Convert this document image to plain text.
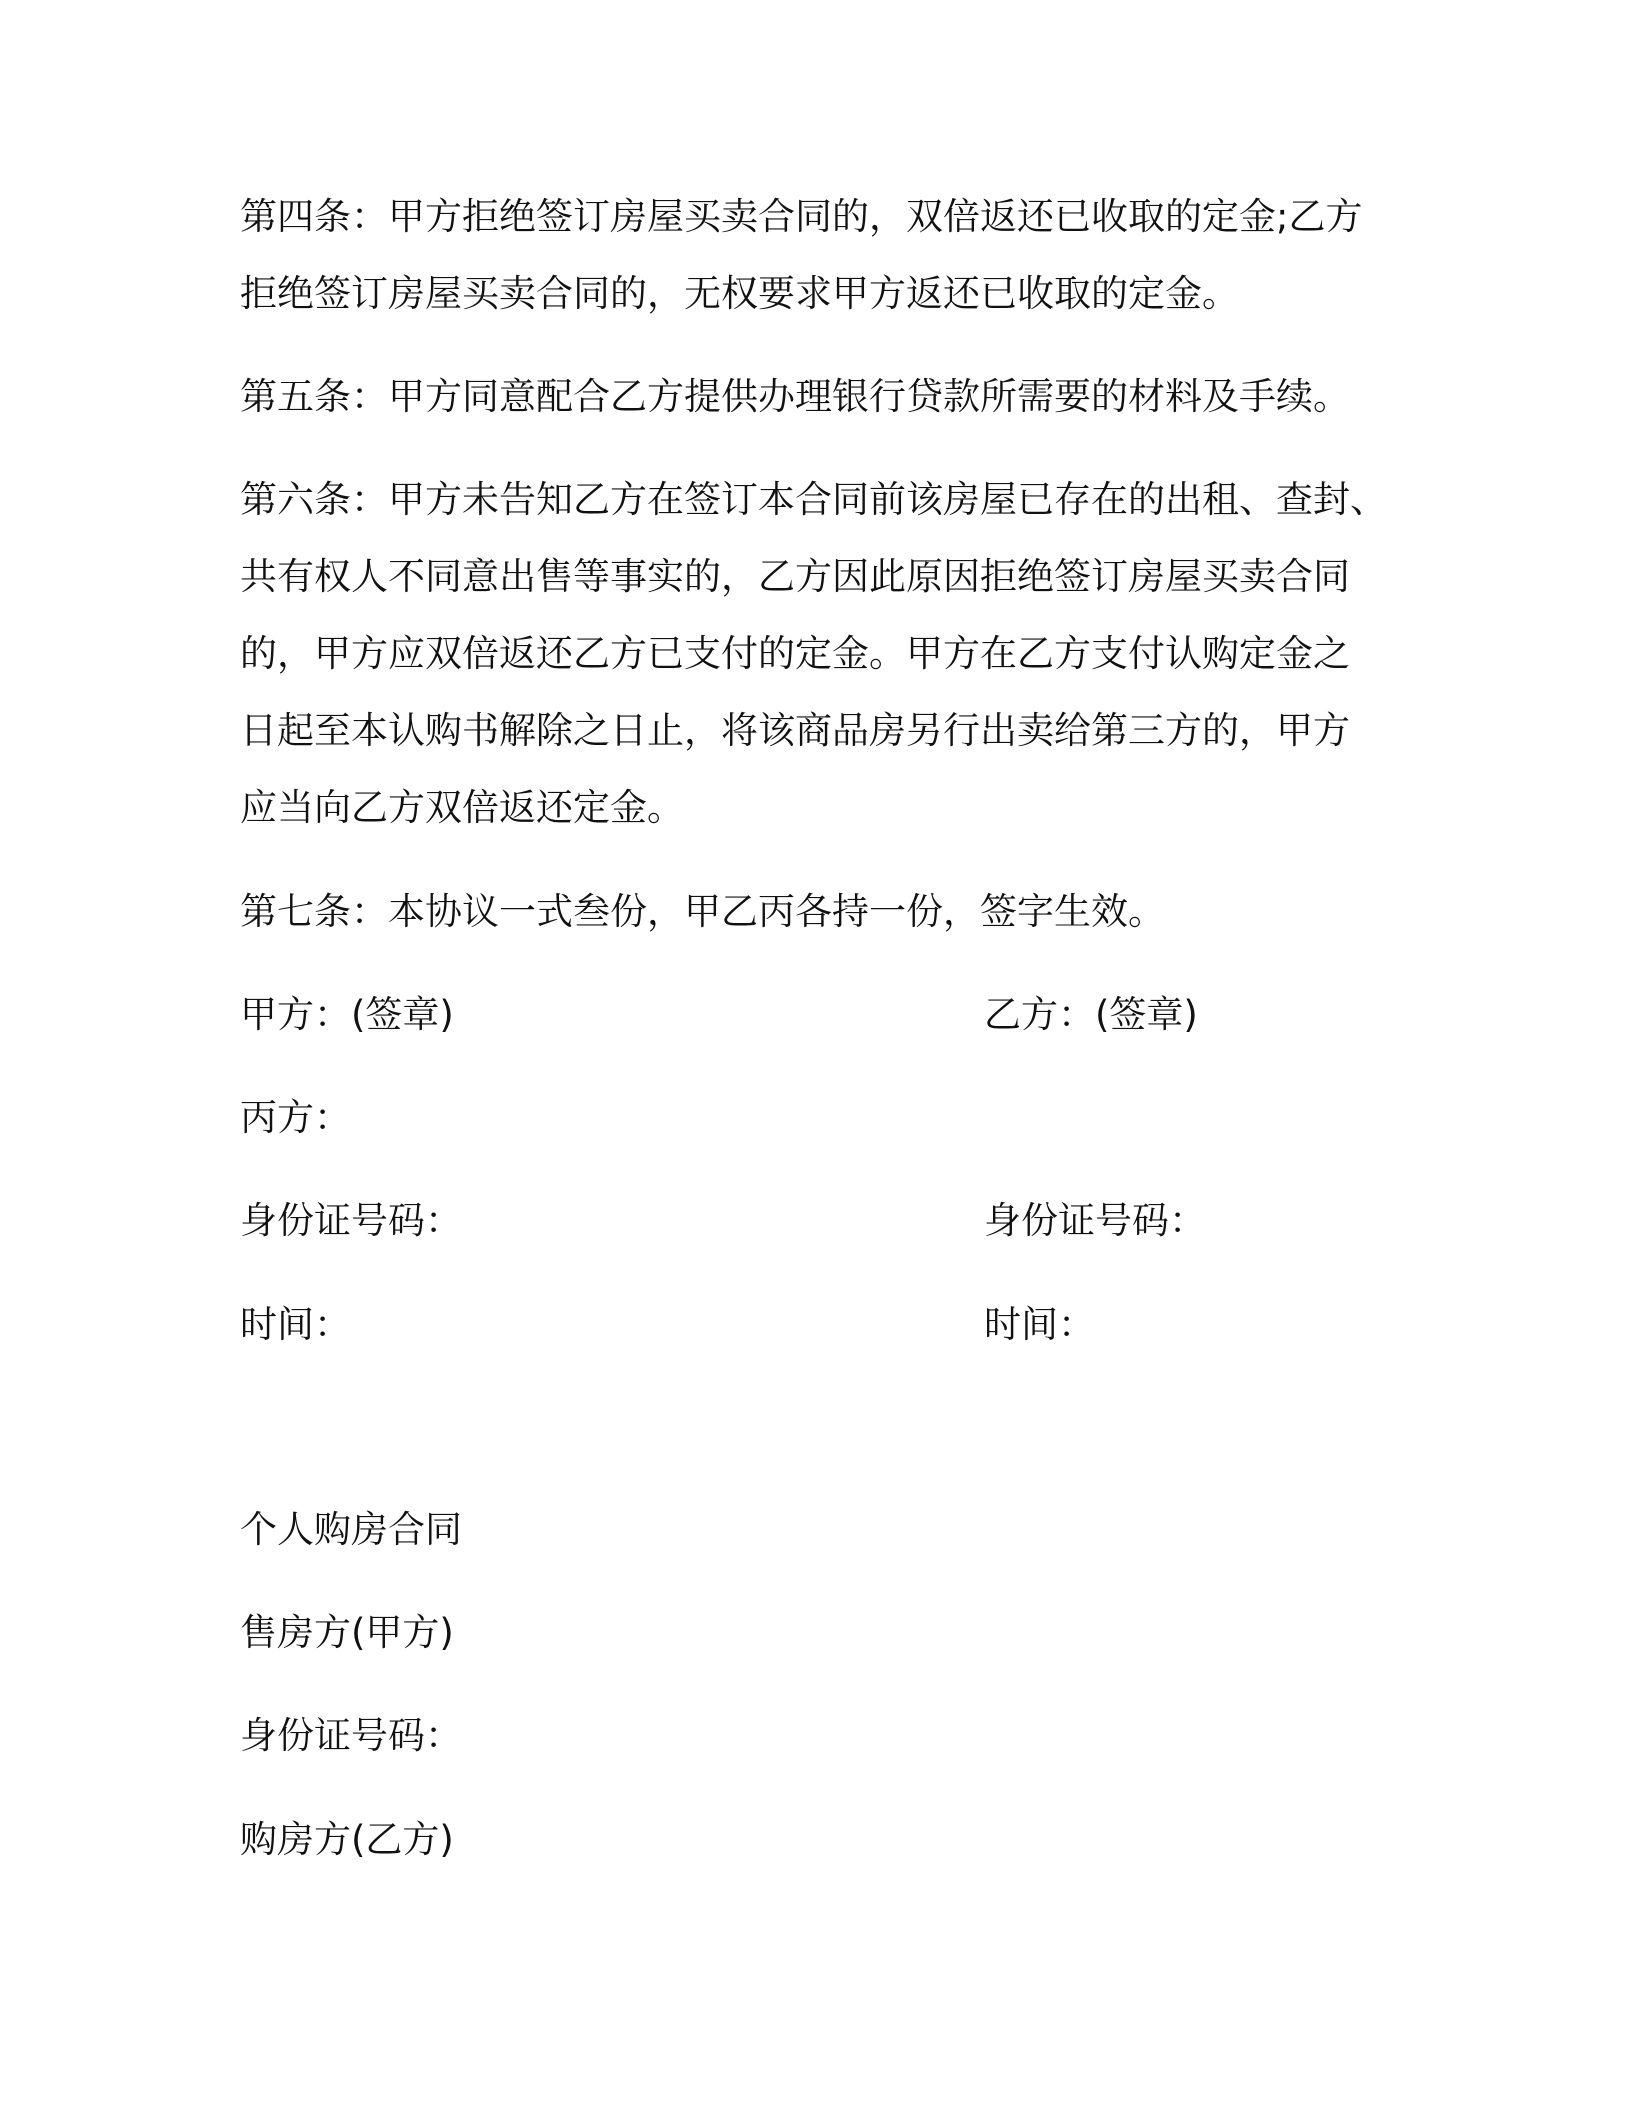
第四条：甲方拒绝签订房屋买卖合同的，双倍返还已收取的定金;乙方
拒绝签订房屋买卖合同的，无权要求甲方返还已收取的定金。
第五条：甲方同意配合乙方提供办理银行贷款所需要的材料及手续。
第六条：甲方未告知乙方在签订本合同前该房屋已存在的出租、查封、
共有权人不同意出售等事实的，乙方因此原因拒绝签订房屋买卖合同
的，甲方应双倍返还乙方已支付的定金。甲方在乙方支付认购定金之
日起至本认购书解除之日止，将该商品房另行出卖给第三方的，甲方
应当向乙方双倍返还定金。
第七条：本协议一式叁份，甲乙丙各持一份，签字生效。
甲方：(签章)	乙方：(签章)
丙方：
身份证号码：	身份证号码：
时间：	时间：
个人购房合同
售房方(甲方)
身份证号码：
购房方(乙方)
